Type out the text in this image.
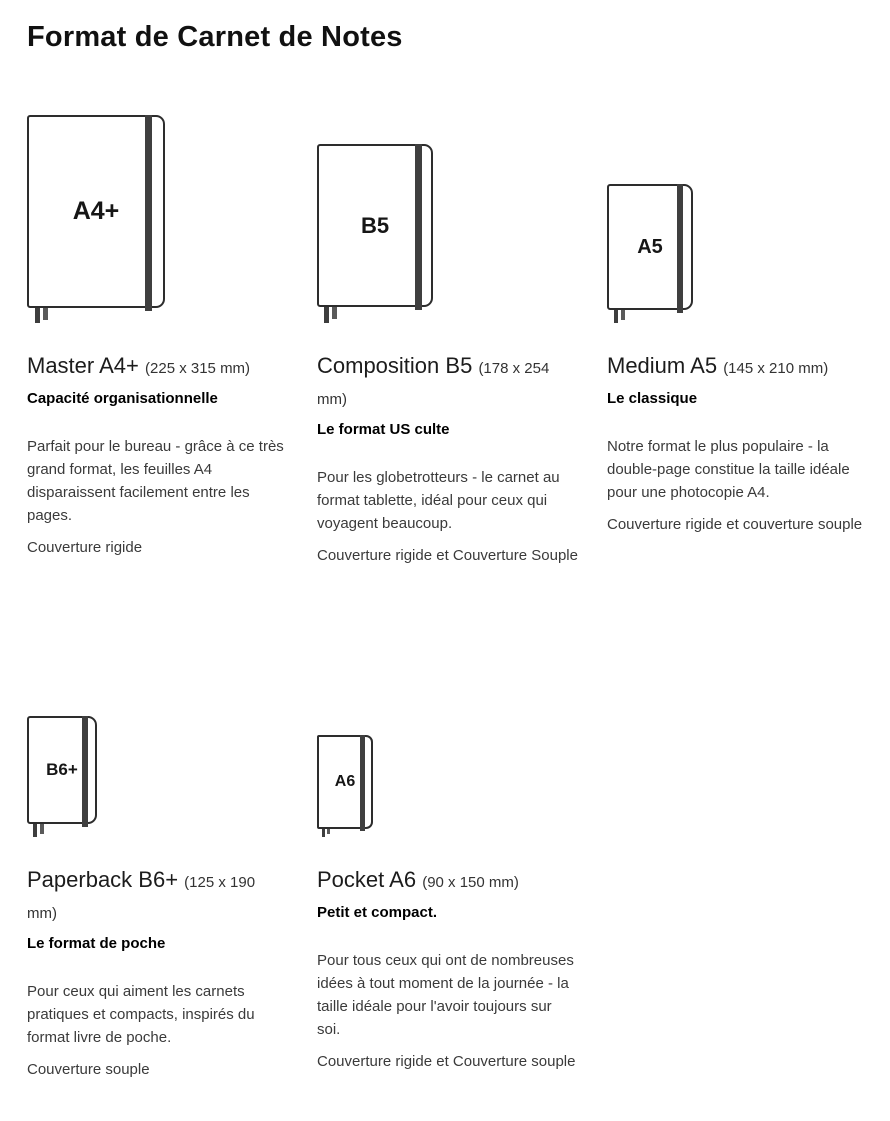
Format de Carnet de Notes
A4+
Master A4+ (225 x 315 mm)

Capacité organisationnelle

Parfait pour le bureau - grâce à ce très grand format, les feuilles A4 disparaissent facilement entre les pages.

Couverture rigide

B5
Composition B5 (178 x 254 mm)

Le format US culte

Pour les globetrotteurs - le carnet au format tablette, idéal pour ceux qui voyagent beaucoup.

Couverture rigide et Couverture Souple

A5
Medium A5 (145 x 210 mm)

Le classique

Notre format le plus populaire - la double-page constitue la taille idéale pour une photocopie A4.

Couverture rigide et couverture souple

B6+
Paperback B6+ (125 x 190 mm)

Le format de poche

Pour ceux qui aiment les carnets pratiques et compacts, inspirés du format livre de poche.

Couverture souple

A6
Pocket A6 (90 x 150 mm)

Petit et compact.

Pour tous ceux qui ont de nombreuses idées à tout moment de la journée - la taille idéale pour l'avoir toujours sur soi.

Couverture rigide et Couverture souple
